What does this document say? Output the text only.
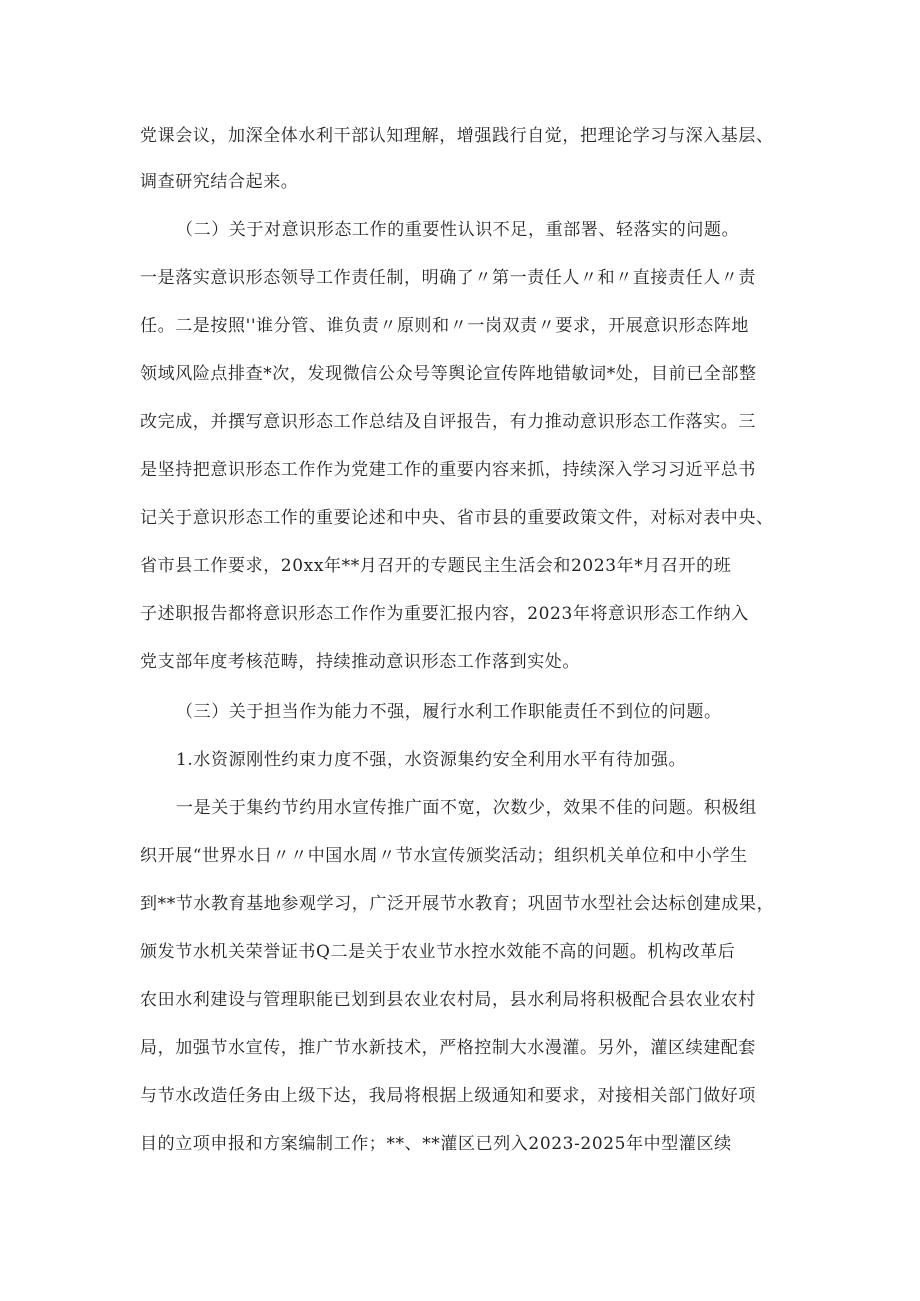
党课会议，加深全体水利干部认知理解，增强践行自觉，把理论学习与深入基层、
调查研究结合起来。
（二）关于对意识形态工作的重要性认识不足，重部署、轻落实的问题。
一是落实意识形态领导工作责任制，明确了〃第一责任人〃和〃直接责任人〃责
任。二是按照''谁分管、谁负责〃原则和〃一岗双责〃要求，开展意识形态阵地
领域风险点排查*次，发现微信公众号等舆论宣传阵地错敏词*处，目前已全部整
改完成，并撰写意识形态工作总结及自评报告，有力推动意识形态工作落实。三
是坚持把意识形态工作作为党建工作的重要内容来抓，持续深入学习习近平总书
记关于意识形态工作的重要论述和中央、省市县的重要政策文件，对标对表中央、
省市县工作要求，20xx年**月召开的专题民主生活会和2023年*月召开的班
子述职报告都将意识形态工作作为重要汇报内容，2023年将意识形态工作纳入
党支部年度考核范畴，持续推动意识形态工作落到实处。
（三）关于担当作为能力不强，履行水利工作职能责任不到位的问题。
1.水资源刚性约束力度不强，水资源集约安全利用水平有待加强。
一是关于集约节约用水宣传推广面不宽，次数少，效果不佳的问题。积极组
织开展“世界水日〃〃中国水周〃节水宣传颁奖活动；组织机关单位和中小学生
到**节水教育基地参观学习，广泛开展节水教育；巩固节水型社会达标创建成果，
颁发节水机关荣誉证书Q二是关于农业节水控水效能不高的问题。机构改革后
农田水利建设与管理职能已划到县农业农村局，县水利局将积极配合县农业农村
局，加强节水宣传，推广节水新技术，严格控制大水漫灌。另外，灌区续建配套
与节水改造任务由上级下达，我局将根据上级通知和要求，对接相关部门做好项
目的立项申报和方案编制工作；**、**灌区已列入2023-2025年中型灌区续
